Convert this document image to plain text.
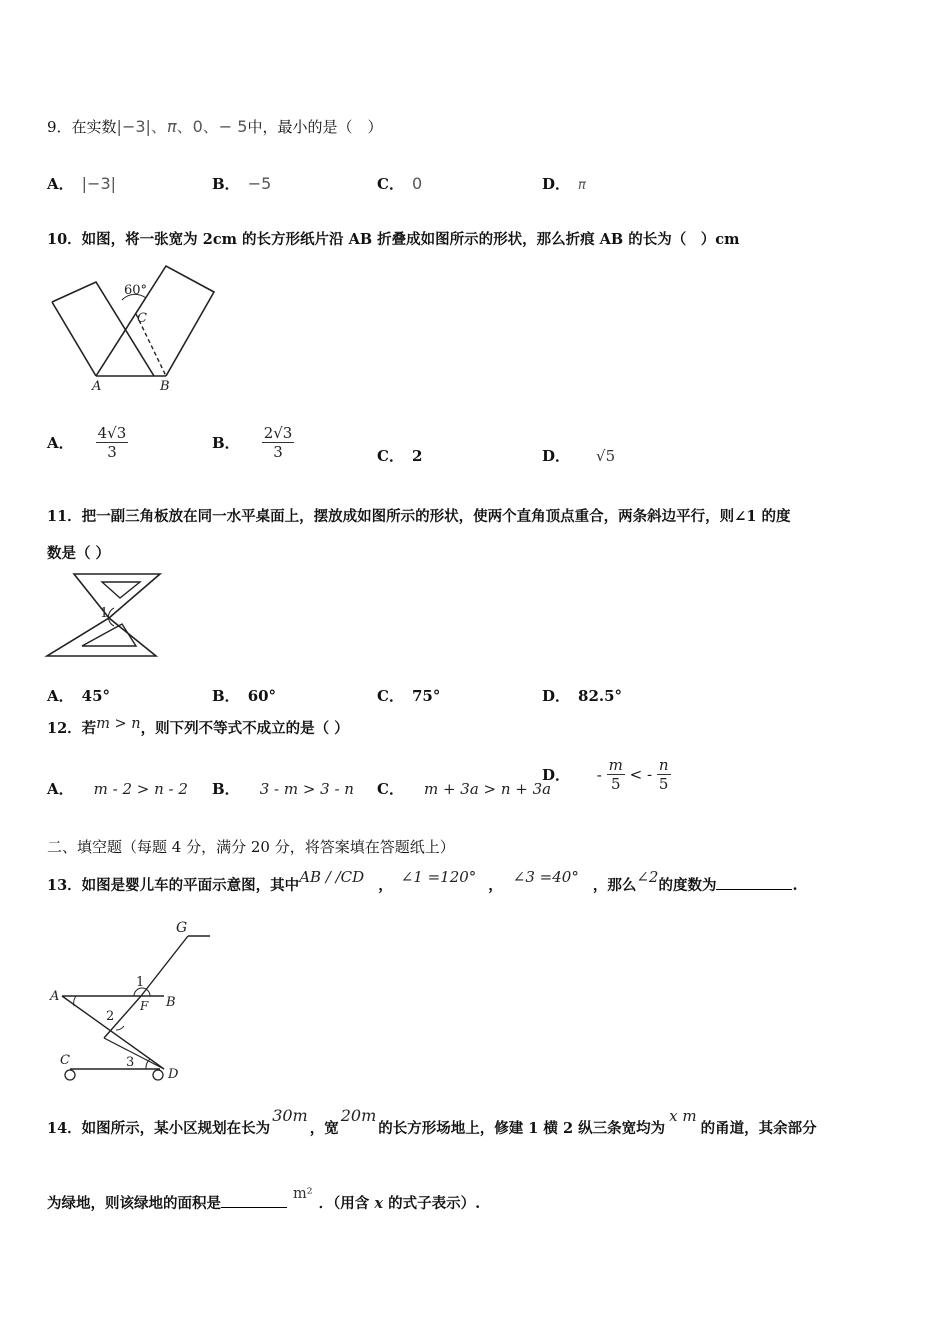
9．在实数|−3|、π、0、− 5中，最小的是（　）
A． |−3|	B． −5	C． 0	D． π
10．如图，将一张宽为 2cm 的长方形纸片沿 AB 折叠成如图所示的形状，那么折痕 AB 的长为（　）cm
60°
C
A	B
A． $\frac{4√3}{3}$	B． $\frac{2√3}{3}$	C． 2	D． √5
11．把一副三角板放在同一水平桌面上，摆放成如图所示的形状，使两个直角顶点重合，两条斜边平行，则∠1 的度
数是（ ）
1
A． 45°	B． 60°	C． 75°	D． 82.5°
12．若m > n，则下列不等式不成立的是（ ）
A． m - 2 > n - 2 B． 3 - m > 3 - n C． m + 3a > n + 3a
D． - $\frac{m}{5}$ < - $\frac{n}{5}$
二、填空题（每题 4 分，满分 20 分，将答案填在答题纸上）
13．如图是婴儿车的平面示意图，其中AB / /CD ， ∠1 =120° ， ∠3 =40° ，那么∠2的度数为	.
G
1
A
F B
2
C	3
D
14．如图所示，某小区规划在长为30m，宽20m的长方形场地上，修建 1 横 2 纵三条宽均为x m的甬道，其余部分
为绿地，则该绿地的面积是m²．（用含 x 的式子表示）.
